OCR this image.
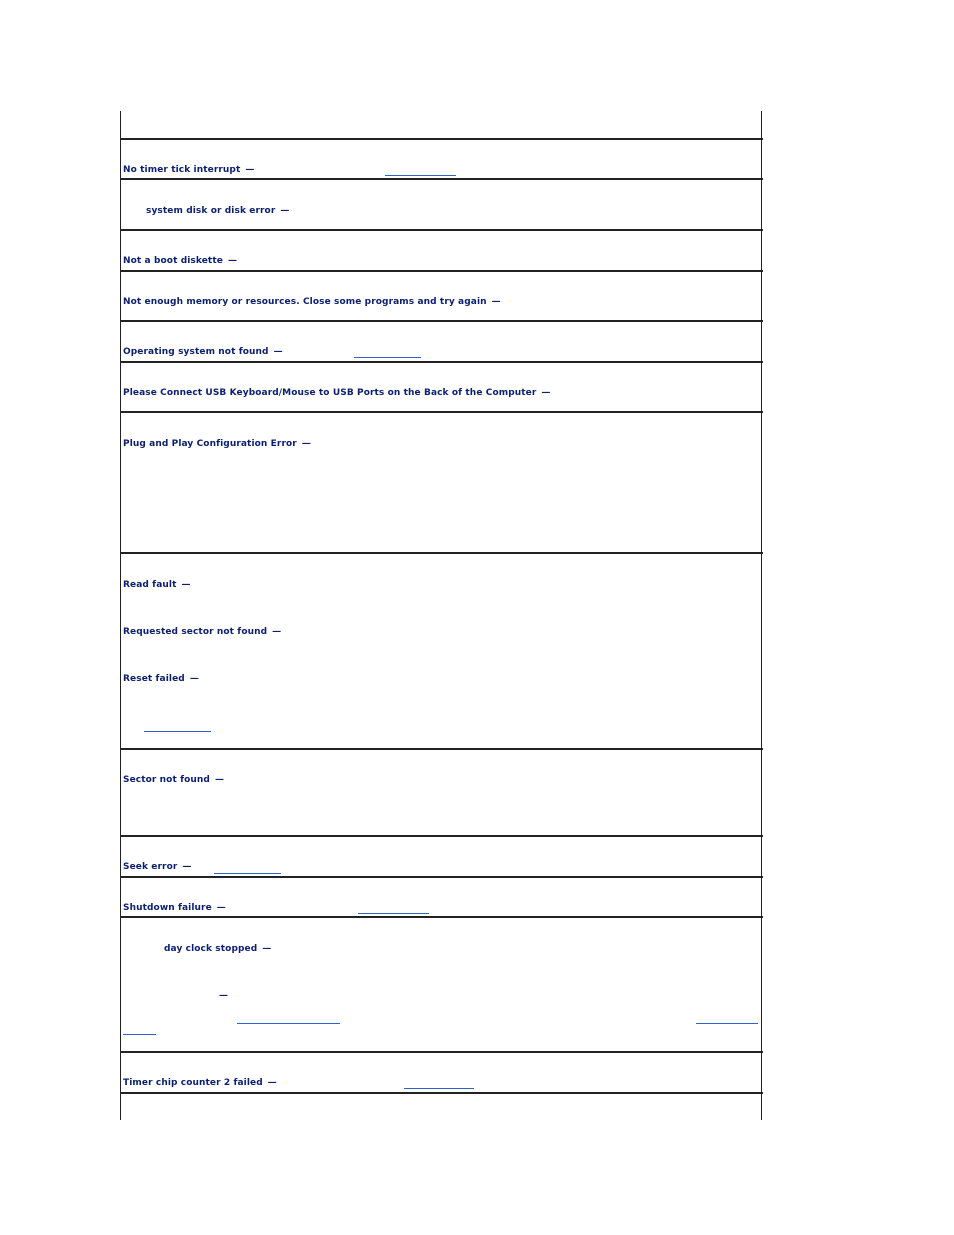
No timer tick interrupt —
system disk or disk error —
Not a boot diskette —
Not enough memory or resources. Close some programs and try again —
Operating system not found —
Please Connect USB Keyboard/Mouse to USB Ports on the Back of the Computer —
Plug and Play Configuration Error —
Read fault —
Requested sector not found —
Reset failed —
Sector not found —
Seek error —
Shutdown failure —
day clock stopped —
—
Timer chip counter 2 failed —
